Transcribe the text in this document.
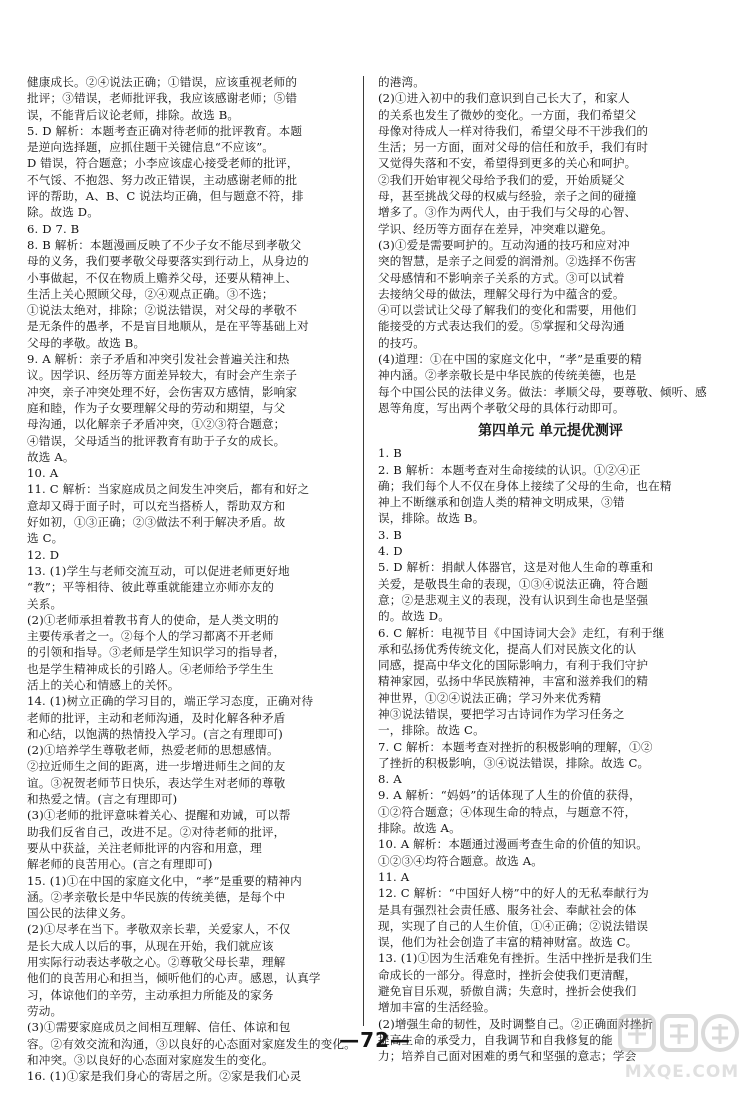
健康成长。②④说法正确；①错误，应该重视老师的
批评；③错误，老师批评我，我应该感谢老师；⑤错
误，不能背后议论老师，排除。故选 B。
5. D 解析：本题考查正确对待老师的批评教育。本题
是逆向选择题，应抓住题干关键信息“不应该”。
D 错误，符合题意；小李应该虚心接受老师的批评，
不气馁、不抱怨、努力改正错误，主动感谢老师的批
评的帮助，A、B、C 说法均正确，但与题意不符，排
除。故选 D。
6. D 7. B
8. B 解析：本题漫画反映了不少子女不能尽到孝敬父
母的义务，我们要孝敬父母要落实到行动上，从身边的
小事做起，不仅在物质上赡养父母，还要从精神上、
生活上关心照顾父母，②④观点正确。③不选；
①说法太绝对，排除；②说法错误，对父母的孝敬不
是无条件的愚孝，不是盲目地顺从，是在平等基础上对
父母的孝敬。故选 B。
9. A 解析：亲子矛盾和冲突引发社会普遍关注和热
议。因学识、经历等方面差异较大，有时会产生亲子
冲突，亲子冲突处理不好，会伤害双方感情，影响家
庭和睦，作为子女要理解父母的劳动和期望，与父
母沟通，以化解亲子矛盾冲突，①②③符合题意；
④错误，父母适当的批评教育有助于子女的成长。
故选 A。
10. A
11. C 解析：当家庭成员之间发生冲突后，都有和好之
意却又碍于面子时，可以充当搭桥人，帮助双方和
好如初，①③正确；②③做法不利于解决矛盾。故
选 C。
12. D
13. (1)学生与老师交流互动，可以促进老师更好地
“教”；平等相待、彼此尊重就能建立亦师亦友的
关系。
(2)①老师承担着教书育人的使命，是人类文明的
主要传承者之一。②每个人的学习都离不开老师
的引领和指导。③老师是学生知识学习的指导者，
也是学生精神成长的引路人。④老师给予学生生
活上的关心和情感上的关怀。
14. (1)树立正确的学习目的，端正学习态度，正确对待
老师的批评，主动和老师沟通，及时化解各种矛盾
和心结，以饱满的热情投入学习。(言之有理即可)
(2)①培养学生尊敬老师，热爱老师的思想感情。
②拉近师生之间的距离，进一步增进师生之间的友
谊。③祝贺老师节日快乐，表达学生对老师的尊敬
和热爱之情。(言之有理即可)
(3)①老师的批评意味着关心、提醒和劝诫，可以帮
助我们反省自己，改进不足。②对待老师的批评，
要从中获益，关注老师批评的内容和用意，理
解老师的良苦用心。(言之有理即可)
15. (1)①在中国的家庭文化中，“孝”是重要的精神内
涵。②孝亲敬长是中华民族的传统美德，是每个中
国公民的法律义务。
(2)①尽孝在当下。孝敬双亲长辈，关爱家人，不仅
是长大成人以后的事，从现在开始，我们就应该
用实际行动表达孝敬之心。②尊敬父母长辈，理解
他们的良苦用心和担当，倾听他们的心声。感恩，认真学
习，体谅他们的辛劳，主动承担力所能及的家务
劳动。
(3)①需要家庭成员之间相互理解、信任、体谅和包
容。②有效交流和沟通，③以良好的心态面对家庭发生的变化。
和冲突。③以良好的心态面对家庭发生的变化。
16. (1)①家是我们身心的寄居之所。②家是我们心灵
的港湾。
(2)①进入初中的我们意识到自己长大了，和家人
的关系也发生了微妙的变化。一方面，我们希望父
母像对待成人一样对待我们，希望父母不干涉我们的
生活；另一方面，面对父母的信任和放手，我们有时
又觉得失落和不安，希望得到更多的关心和呵护。
②我们开始审视父母给予我们的爱，开始质疑父
母，甚至挑战父母的权威与经验，亲子之间的碰撞
增多了。③作为两代人，由于我们与父母的心智、
学识、经历等方面存在差异，冲突难以避免。
(3)①爱是需要呵护的。互动沟通的技巧和应对冲
突的智慧，是亲子之间爱的润滑剂。②选择不伤害
父母感情和不影响亲子关系的方式。③可以试着
去接纳父母的做法，理解父母行为中蕴含的爱。
④可以尝试让父母了解我们的变化和需要，用他们
能接受的方式表达我们的爱。⑤掌握和父母沟通
的技巧。
(4)道理：①在中国的家庭文化中，“孝”是重要的精
神内涵。②孝亲敬长是中华民族的传统美德，也是
每个中国公民的法律义务。做法：孝顺父母，要尊敬、倾听、感
恩等角度，写出两个孝敬父母的具体行动即可。
第四单元 单元提优测评
1. B
2. B 解析：本题考查对生命接续的认识。①②④正
确；我们每个人不仅在身体上接续了父母的生命，也在精
神上不断继承和创造人类的精神文明成果，③错
误，排除。故选 B。
3. B
4. D
5. D 解析：捐献人体器官，这是对他人生命的尊重和
关爱，是敬畏生命的表现，①③④说法正确，符合题
意；②是悲观主义的表现，没有认识到生命也是坚强
的。故选 D。
6. C 解析：电视节目《中国诗词大会》走红，有利于继
承和弘扬优秀传统文化，提高人们对民族文化的认
同感，提高中华文化的国际影响力，有利于我们守护
精神家园，弘扬中华民族精神，丰富和滋养我们的精
神世界，①②④说法正确；学习外来优秀精
神③说法错误，要把学习古诗词作为学习任务之
一，排除。故选 C。
7. C 解析：本题考查对挫折的积极影响的理解，①②
了挫折的积极影响，③④说法错误，排除。故选 C。
8. A
9. A 解析：“妈妈”的话体现了人生的价值的获得，
①②符合题意；④体现生命的特点，与题意不符，
排除。故选 A。
10. A 解析：本题通过漫画考查生命的价值的知识。
①②③④均符合题意。故选 A。
11. A
12. C 解析：“中国好人榜”中的好人的无私奉献行为
是具有强烈社会责任感、服务社会、奉献社会的体
现，实现了自己的人生价值，①④正确；②说法错误
误，他们为社会创造了丰富的精神财富。故选 C。
13. (1)①因为生活难免有挫折。生活中挫折是我们生
命成长的一部分。得意时，挫折会使我们更清醒，
避免盲目乐观，骄傲自满；失意时，挫折会使我们
增加丰富的生活经验。
(2)增强生命的韧性，及时调整自己。②正确面对挫折
提高生命的承受力，自我调节和自我修复的能
力；培养自己面对困难的勇气和坚强的意志；学会
—72—
MXQE.COM
